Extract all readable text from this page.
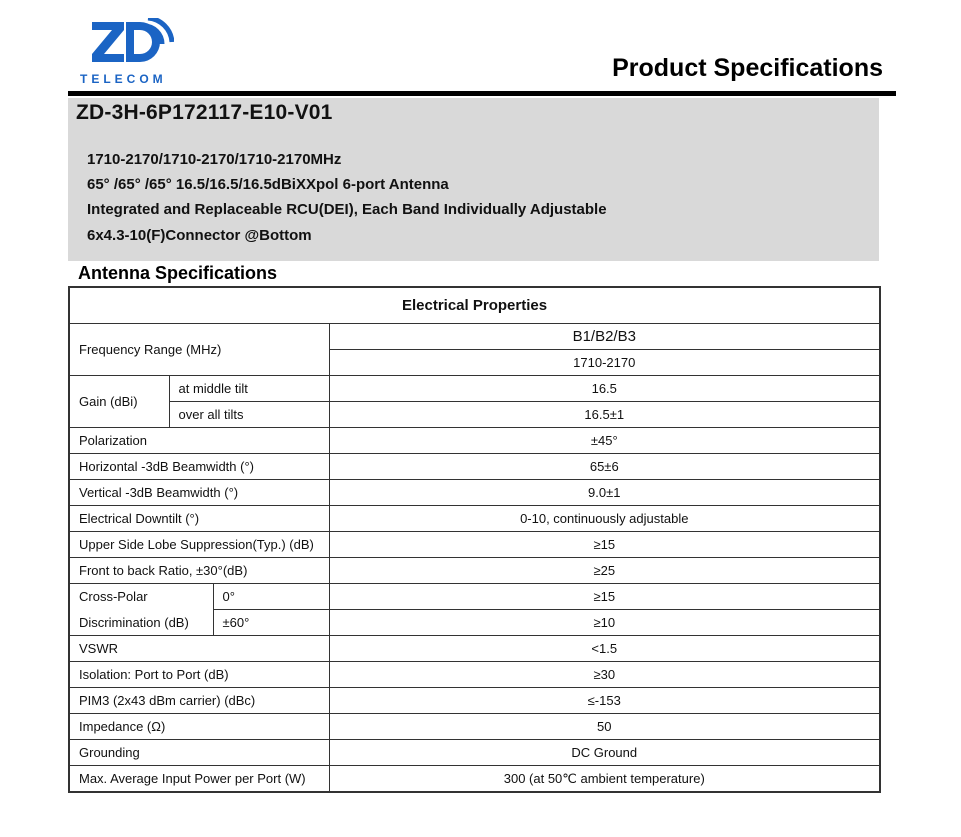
TELECOM	Product Specifications
ZD-3H-6P172117-E10-V01
1710-2170/1710-2170/1710-2170MHz
65° /65° /65° 16.5/16.5/16.5dBiXXpol 6-port Antenna
Integrated and Replaceable RCU(DEI), Each Band Individually Adjustable
6x4.3-10(F)Connector @Bottom
Antenna Specifications
Electrical Properties			
Frequency Range (MHz)			B1/B2/B3
			1710-2170
Gain (dBi)	at middle tilt		16.5
	over all tilts		16.5±1
Polarization			±45°
Horizontal -3dB Beamwidth (°)			65±6
Vertical -3dB Beamwidth (°)			9.0±1
Electrical Downtilt (°)			0-10, continuously adjustable
Upper Side Lobe Suppression(Typ.) (dB)			≥15
Front to back Ratio, ±30°(dB)			≥25
Cross-Polar		0°	≥15
Discrimination (dB)		±60°	≥10
VSWR			<1.5
Isolation: Port to Port (dB)			≥30
PIM3 (2x43 dBm carrier) (dBc)			≤-153
Impedance (Ω)			50
Grounding			DC Ground
Max. Average Input Power per Port (W)			300 (at 50℃ ambient temperature)
